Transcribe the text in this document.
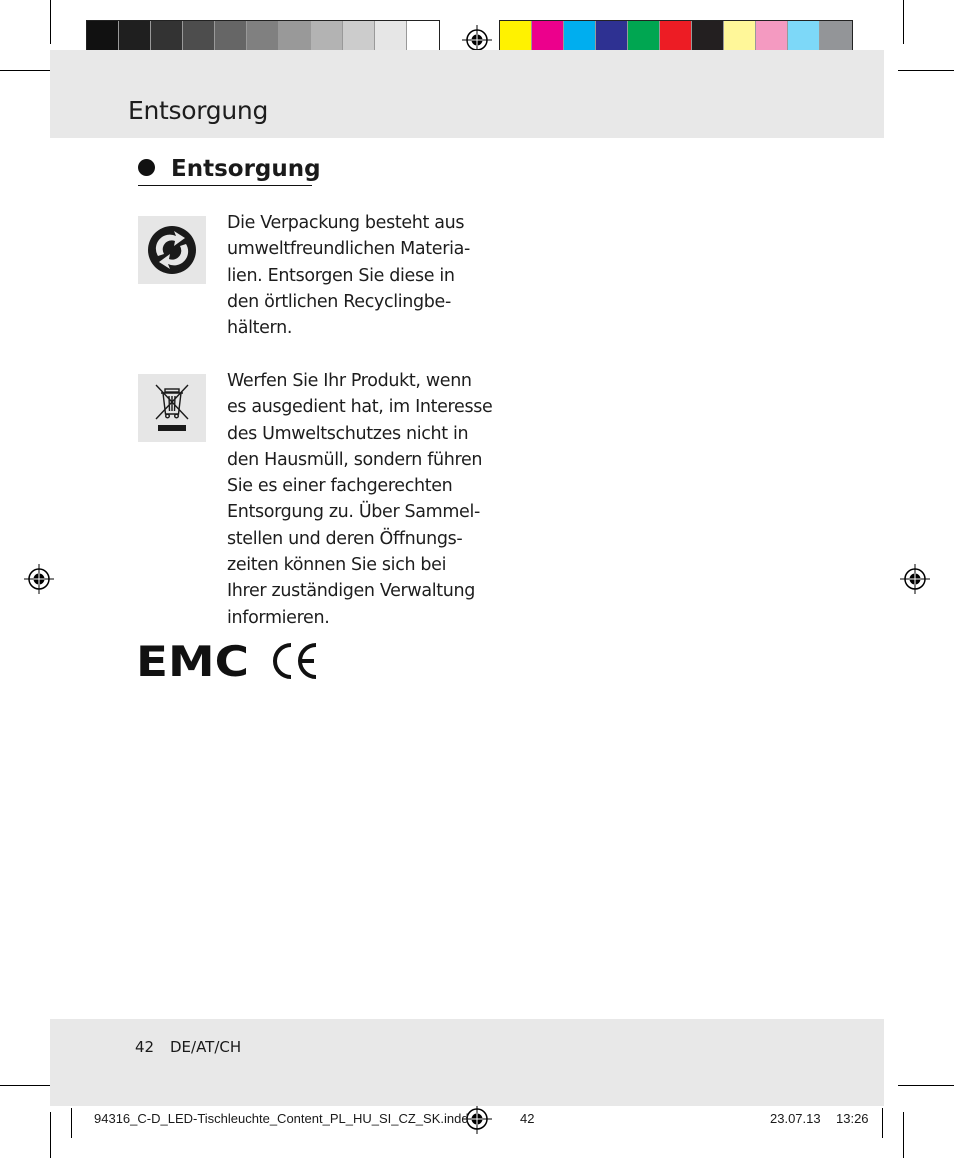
Entsorgung
Entsorgung

Die Verpackung besteht aus
umweltfreundlichen Materia-
lien. Entsorgen Sie diese in
den örtlichen Recyclingbe-
hältern.

Werfen Sie Ihr Produkt, wenn
es ausgedient hat, im Interesse
des Umweltschutzes nicht in
den Hausmüll, sondern führen
Sie es einer fachgerechten
Entsorgung zu. Über Sammel-
stellen und deren Öffnungs-
zeiten können Sie sich bei
Ihrer zuständigen Verwaltung
informieren.

EMC
42 DE/AT/CH
94316_C-D_LED-Tischleuchte_Content_PL_HU_SI_CZ_SK.indd	42	23.07.13 13:26
